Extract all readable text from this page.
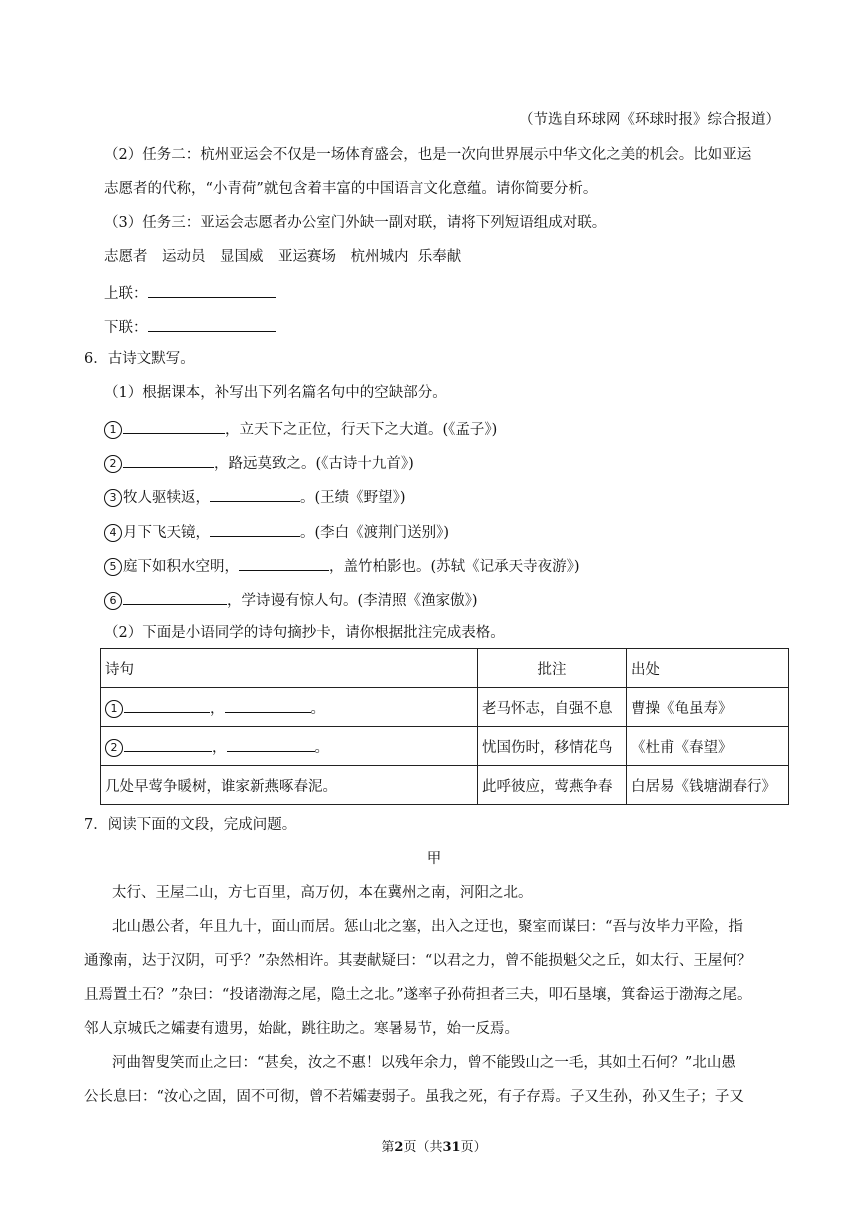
（节选自环球网《环球时报》综合报道）
（2）任务二：杭州亚运会不仅是一场体育盛会，也是一次向世界展示中华文化之美的机会。比如亚运
志愿者的代称，“小青荷”就包含着丰富的中国语言文化意蕴。请你简要分析。
（3）任务三：亚运会志愿者办公室门外缺一副对联，请将下列短语组成对联。
志愿者　运动员　显国威　亚运赛场　杭州城内  乐奉献
上联：
下联：
6．古诗文默写。
（1）根据课本，补写出下列名篇名句中的空缺部分。
1	，立天下之正位，行天下之大道。(《孟子》)
2	，路远莫致之。(《古诗十九首》)
3 牧人驱犊返，	。(王绩《野望》)
4 月下飞天镜，	。(李白《渡荆门送别》)
5 庭下如积水空明，	，盖竹柏影也。(苏轼《记承天寺夜游》)
6	，学诗谩有惊人句。(李清照《渔家傲》)
（2）下面是小语同学的诗句摘抄卡，请你根据批注完成表格。
诗句	批注	出处
1 ， 。	老马怀志，自强不息	曹操《龟虽寿》
2 ， 。	忧国伤时，移情花鸟	《杜甫《春望》
几处早莺争暖树，谁家新燕啄春泥。	此呼彼应，莺燕争春	白居易《钱塘湖春行》
7．阅读下面的文段，完成问题。
甲
太行、王屋二山，方七百里，高万仞，本在冀州之南，河阳之北。
北山愚公者，年且九十，面山而居。惩山北之塞，出入之迂也，聚室而谋曰：“吾与汝毕力平险，指
通豫南，达于汉阴，可乎？”杂然相许。其妻献疑曰：“以君之力，曾不能损魁父之丘，如太行、王屋何？
且焉置土石？”杂曰：“投诸渤海之尾，隐土之北。”遂率子孙荷担者三夫，叩石垦壤，箕畚运于渤海之尾。
邻人京城氏之孀妻有遗男，始龀，跳往助之。寒暑易节，始一反焉。
河曲智叟笑而止之曰：“甚矣，汝之不惠！以残年余力，曾不能毁山之一毛，其如土石何？”北山愚
公长息曰：“汝心之固，固不可彻，曾不若孀妻弱子。虽我之死，有子存焉。子又生孙，孙又生子；子又
第2页（共31页）
